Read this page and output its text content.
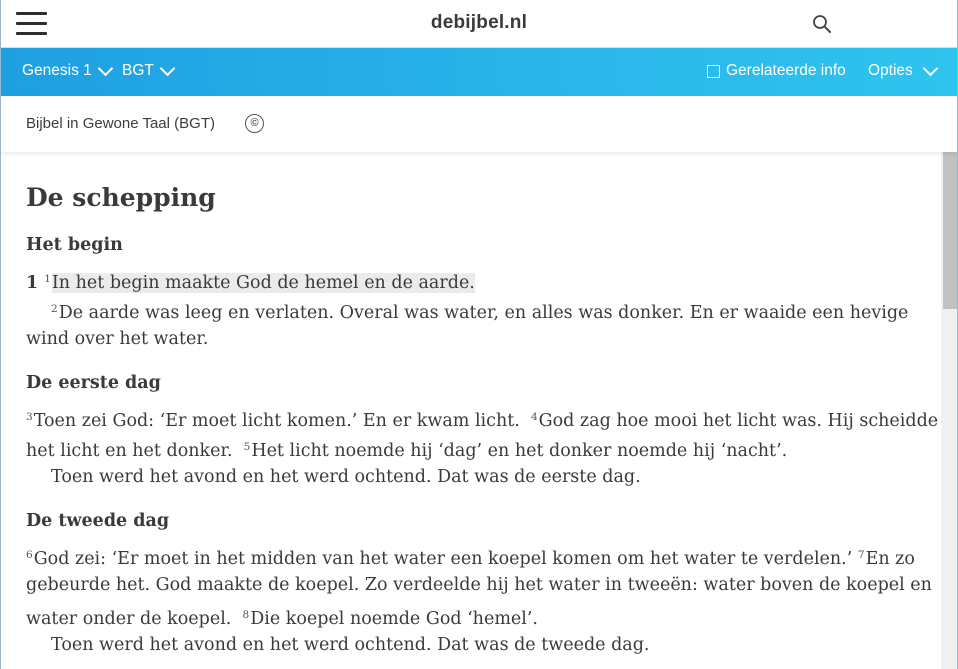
debijbel.nl
Genesis 1 BGT	Gerelateerde info Opties
Bijbel in Gewone Taal (BGT)	©
De schepping
Het begin
1 $^1$In het begin maakte God de hemel en de aarde.
$^2$De aarde was leeg en verlaten. Overal was water, en alles was donker. En er waaide een hevige
wind over het water.
De eerste dag
$^3$Toen zei God: ‘Er moet licht komen.’ En er kwam licht. $^4$God zag hoe mooi het licht was. Hij scheidde
het licht en het donker. $^5$Het licht noemde hij ‘dag’ en het donker noemde hij ‘nacht’.
Toen werd het avond en het werd ochtend. Dat was de eerste dag.
De tweede dag
$^6$God zei: ‘Er moet in het midden van het water een koepel komen om het water te verdelen.’ $^7$En zo
gebeurde het. God maakte de koepel. Zo verdeelde hij het water in tweeën: water boven de koepel en
water onder de koepel. $^8$Die koepel noemde God ‘hemel’.
Toen werd het avond en het werd ochtend. Dat was de tweede dag.
